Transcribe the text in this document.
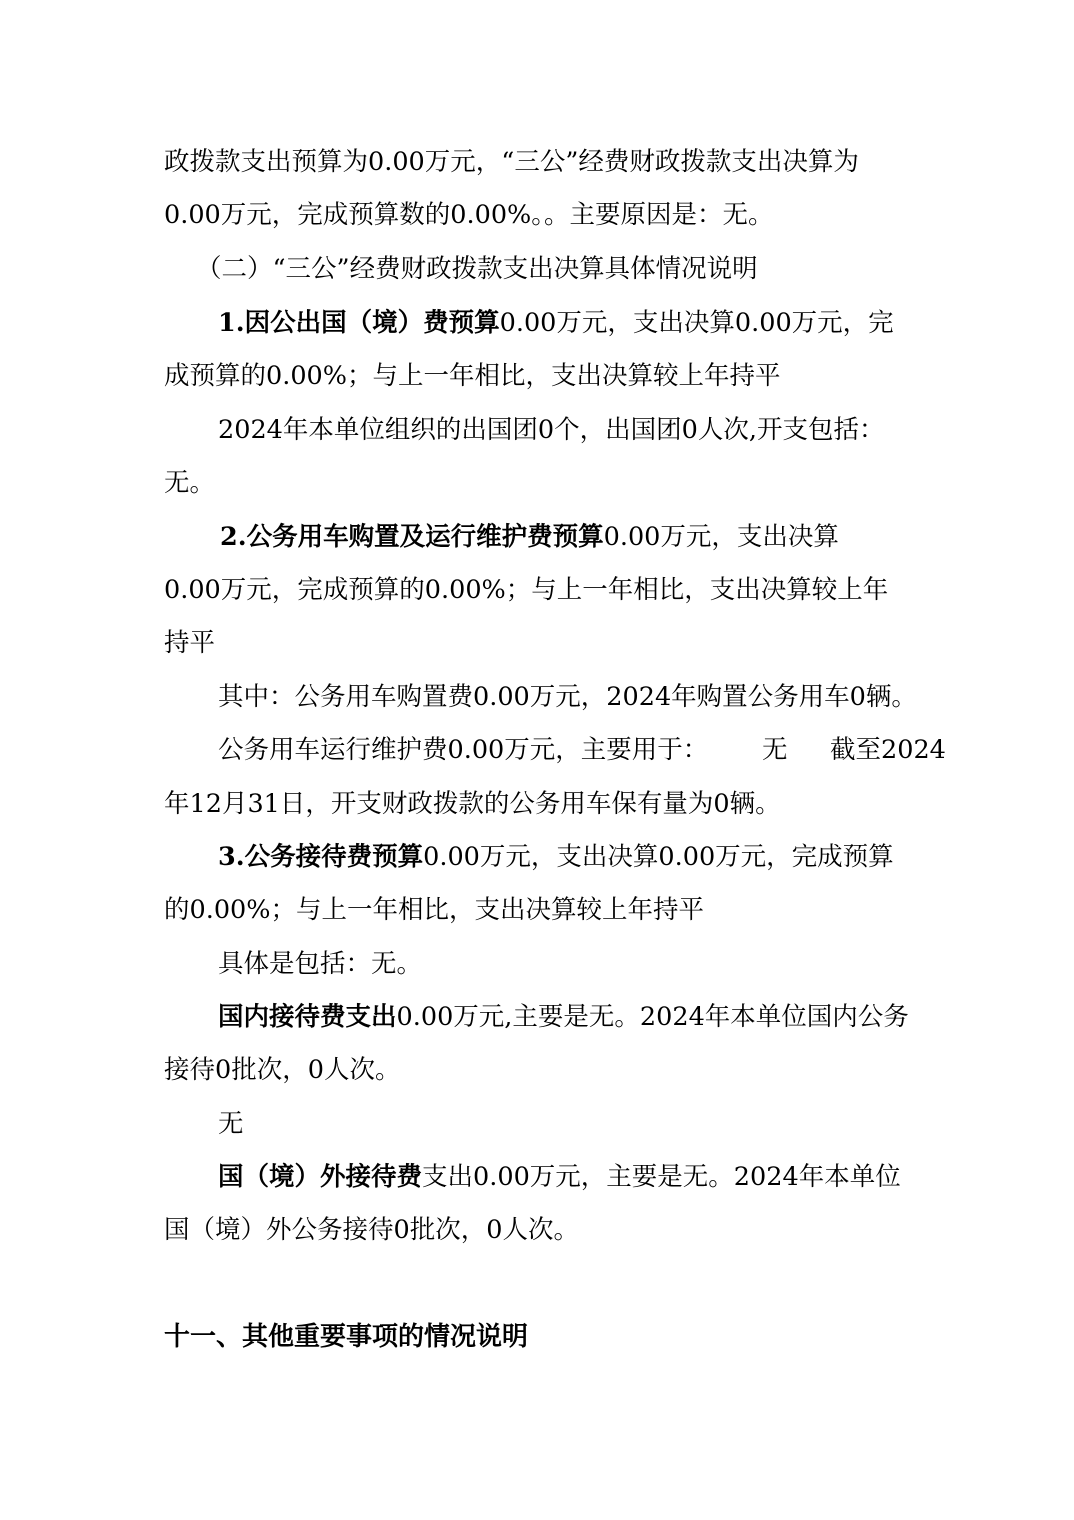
政拨款支出预算为0.00万元，“三公”经费财政拨款支出决算为
0.00万元，完成预算数的0.00%。。主要原因是：无。
（二）“三公”经费财政拨款支出决算具体情况说明
1.因公出国（境）费预算0.00万元，支出决算0.00万元，完
成预算的0.00%；与上一年相比，支出决算较上年持平
2024年本单位组织的出国团0个，出国团0人次,开支包括：
无。
2.公务用车购置及运行维护费预算0.00万元，支出决算
0.00万元，完成预算的0.00%；与上一年相比，支出决算较上年
持平
其中：公务用车购置费0.00万元，2024年购置公务用车0辆。
公务用车运行维护费0.00万元，主要用于： 无 截至2024
年12月31日，开支财政拨款的公务用车保有量为0辆。
3.公务接待费预算0.00万元，支出决算0.00万元，完成预算
的0.00%；与上一年相比，支出决算较上年持平
具体是包括：无。
国内接待费支出0.00万元,主要是无。2024年本单位国内公务
接待0批次，0人次。
无
国（境）外接待费支出0.00万元，主要是无。2024年本单位
国（境）外公务接待0批次，0人次。
十一、其他重要事项的情况说明
